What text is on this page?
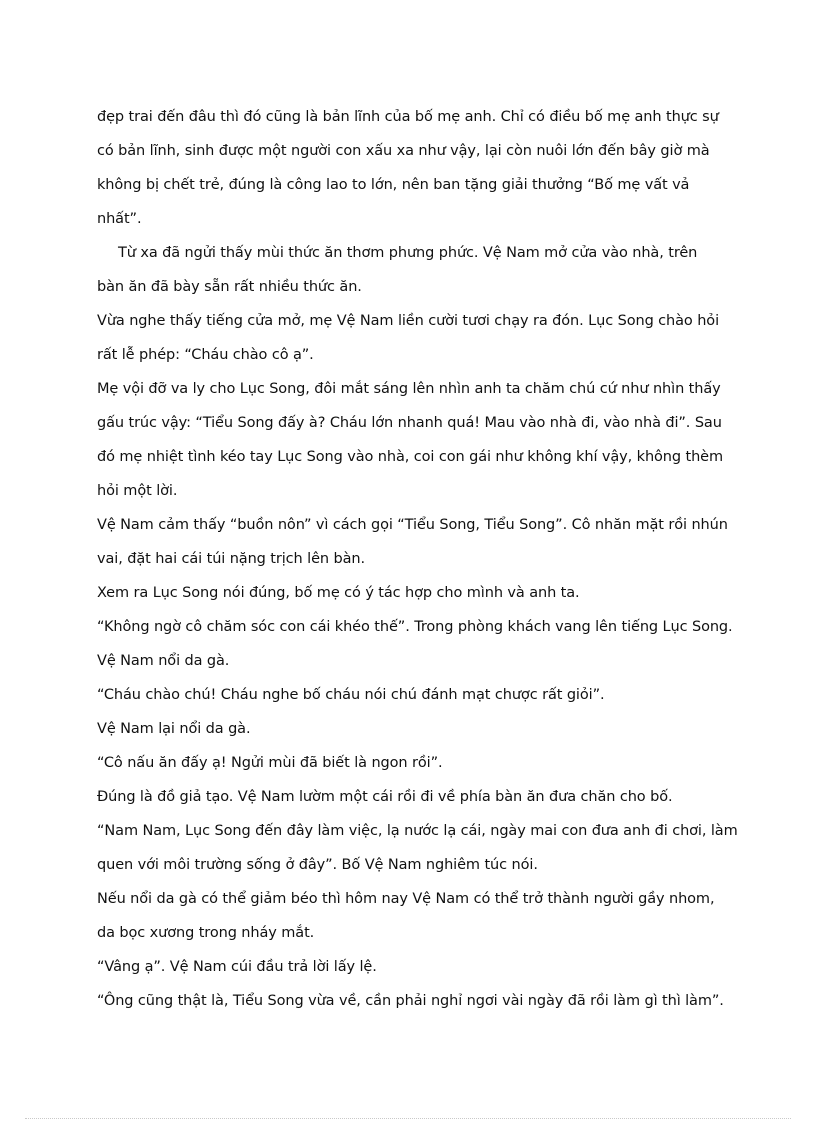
đẹp trai đến đâu thì đó cũng là bản lĩnh của bố mẹ anh. Chỉ có điều bố mẹ anh thực sự

có bản lĩnh, sinh được một người con xấu xa như vậy, lại còn nuôi lớn đến bây giờ mà

không bị chết trẻ, đúng là công lao to lớn, nên ban tặng giải thưởng “Bố mẹ vất vả

nhất”.

Từ xa đã ngửi thấy mùi thức ăn thơm phưng phức. Vệ Nam mở cửa vào nhà, trên

bàn ăn đã bày sẵn rất nhiều thức ăn.

Vừa nghe thấy tiếng cửa mở, mẹ Vệ Nam liền cười tươi chạy ra đón. Lục Song chào hỏi

rất lễ phép: “Cháu chào cô ạ”.

Mẹ vội đỡ va ly cho Lục Song, đôi mắt sáng lên nhìn anh ta chăm chú cứ như nhìn thấy

gấu trúc vậy: “Tiểu Song đấy à? Cháu lớn nhanh quá! Mau vào nhà đi, vào nhà đi”. Sau

đó mẹ nhiệt tình kéo tay Lục Song vào nhà, coi con gái như không khí vậy, không thèm

hỏi một lời.

Vệ Nam cảm thấy “buồn nôn” vì cách gọi “Tiểu Song, Tiểu Song”. Cô nhăn mặt rồi nhún

vai, đặt hai cái túi nặng trịch lên bàn.

Xem ra Lục Song nói đúng, bố mẹ có ý tác hợp cho mình và anh ta.

“Không ngờ cô chăm sóc con cái khéo thế”. Trong phòng khách vang lên tiếng Lục Song.

Vệ Nam nổi da gà.

“Cháu chào chú! Cháu nghe bố cháu nói chú đánh mạt chược rất giỏi”.

Vệ Nam lại nổi da gà.

“Cô nấu ăn đấy ạ! Ngửi mùi đã biết là ngon rồi”.

Đúng là đồ giả tạo. Vệ Nam lườm một cái rồi đi về phía bàn ăn đưa chăn cho bố.

“Nam Nam, Lục Song đến đây làm việc, lạ nước lạ cái, ngày mai con đưa anh đi chơi, làm

quen với môi trường sống ở đây”. Bố Vệ Nam nghiêm túc nói.

Nếu nổi da gà có thể giảm béo thì hôm nay Vệ Nam có thể trở thành người gầy nhom,

da bọc xương trong nháy mắt.

“Vâng ạ”. Vệ Nam cúi đầu trả lời lấy lệ.

“Ông cũng thật là, Tiểu Song vừa về, cần phải nghỉ ngơi vài ngày đã rồi làm gì thì làm”.
